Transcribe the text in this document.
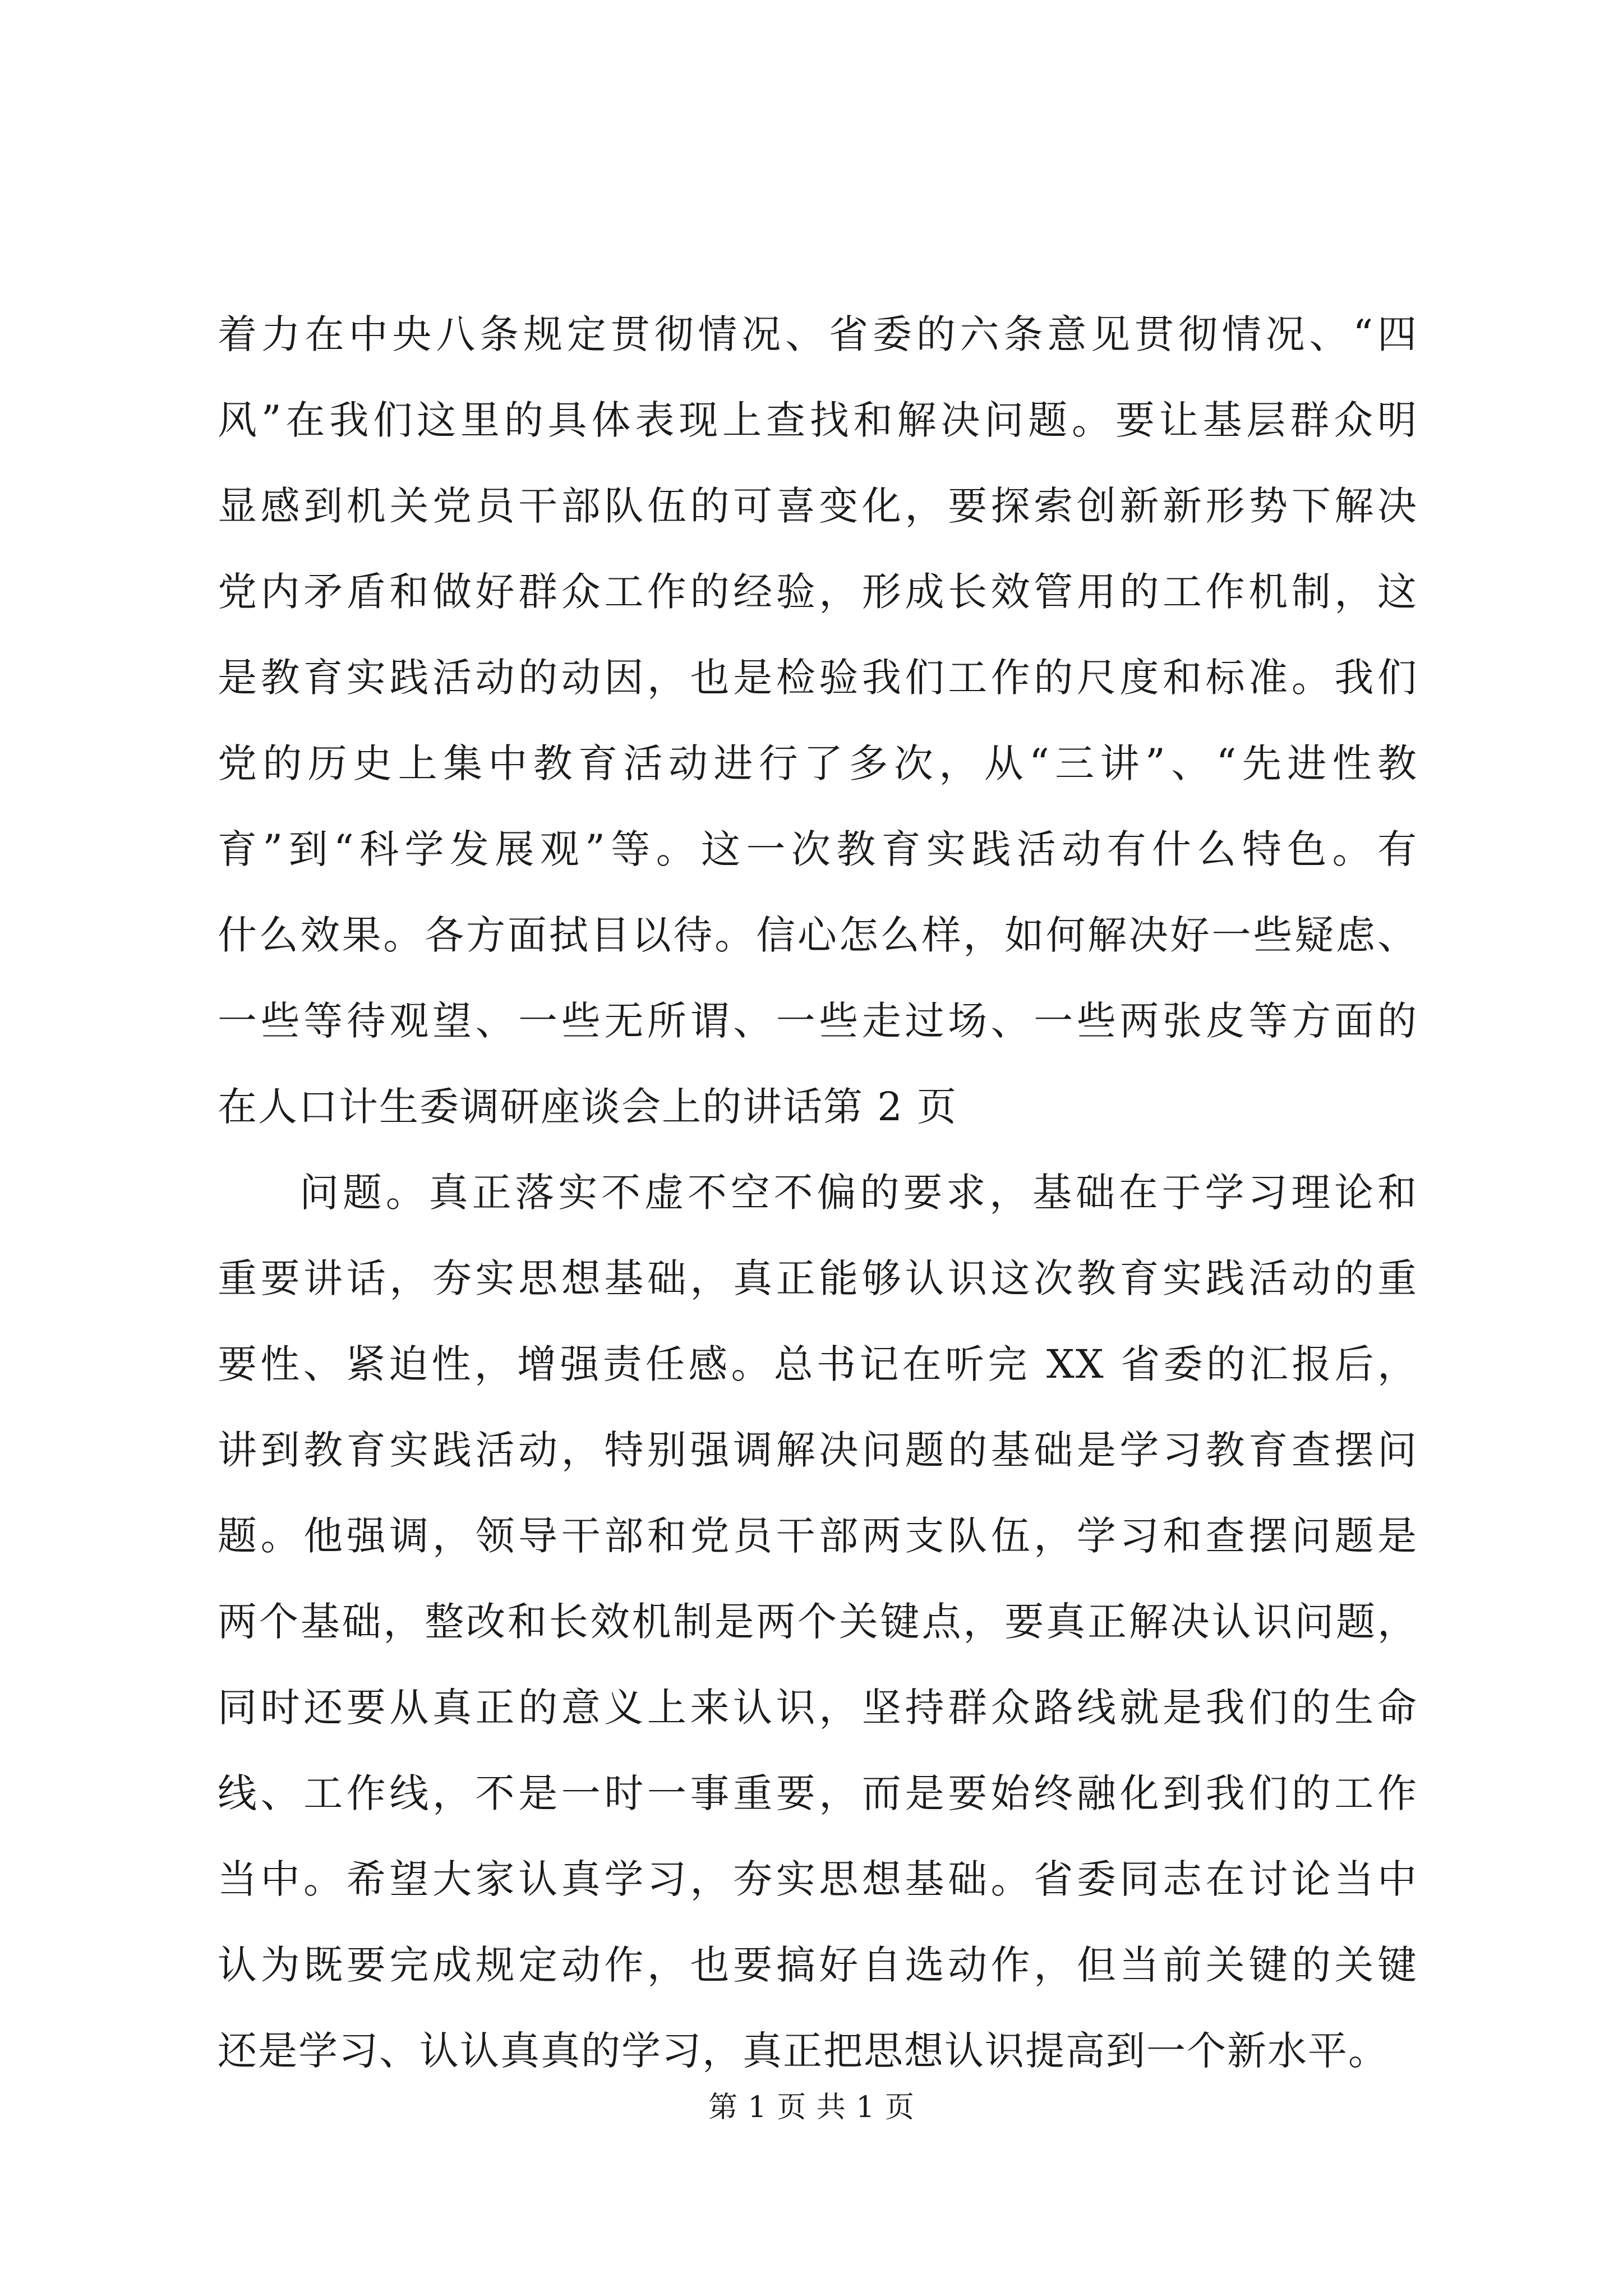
着力在中央八条规定贯彻情况、省委的六条意见贯彻情况、“四
风”在我们这里的具体表现上查找和解决问题。要让基层群众明
显感到机关党员干部队伍的可喜变化，要探索创新新形势下解决
党内矛盾和做好群众工作的经验，形成长效管用的工作机制，这
是教育实践活动的动因，也是检验我们工作的尺度和标准。我们
党的历史上集中教育活动进行了多次，从“三讲”、“先进性教
育”到“科学发展观”等。这一次教育实践活动有什么特色。有
什么效果。各方面拭目以待。信心怎么样，如何解决好一些疑虑、
一些等待观望、一些无所谓、一些走过场、一些两张皮等方面的
在人口计生委调研座谈会上的讲话第 2 页
问题。真正落实不虚不空不偏的要求，基础在于学习理论和
重要讲话，夯实思想基础，真正能够认识这次教育实践活动的重
要性、紧迫性，增强责任感。总书记在听完 XX 省委的汇报后，
讲到教育实践活动，特别强调解决问题的基础是学习教育查摆问
题。他强调，领导干部和党员干部两支队伍，学习和查摆问题是
两个基础，整改和长效机制是两个关键点，要真正解决认识问题，
同时还要从真正的意义上来认识，坚持群众路线就是我们的生命
线、工作线，不是一时一事重要，而是要始终融化到我们的工作
当中。希望大家认真学习，夯实思想基础。省委同志在讨论当中
认为既要完成规定动作，也要搞好自选动作，但当前关键的关键
还是学习、认认真真的学习，真正把思想认识提高到一个新水平。
第 1 页 共 1 页
